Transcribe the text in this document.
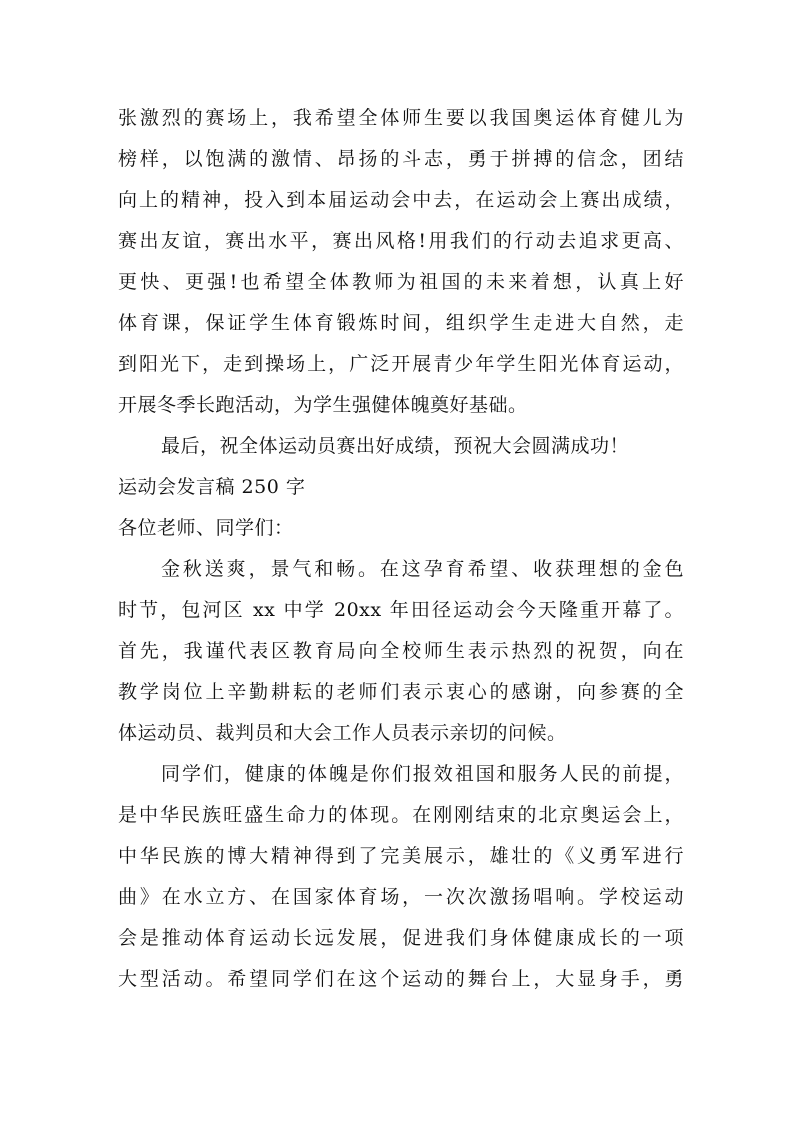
张激烈的赛场上，我希望全体师生要以我国奥运体育健儿为
榜样，以饱满的激情、昂扬的斗志，勇于拼搏的信念，团结
向上的精神，投入到本届运动会中去，在运动会上赛出成绩，
赛出友谊，赛出水平，赛出风格!用我们的行动去追求更高、
更快、更强!也希望全体教师为祖国的未来着想，认真上好
体育课，保证学生体育锻炼时间，组织学生走进大自然，走
到阳光下，走到操场上，广泛开展青少年学生阳光体育运动，
开展冬季长跑活动，为学生强健体魄奠好基础。
最后，祝全体运动员赛出好成绩，预祝大会圆满成功！
运动会发言稿 250 字
各位老师、同学们：
金秋送爽，景气和畅。在这孕育希望、收获理想的金色
时节，包河区 xx 中学 20xx 年田径运动会今天隆重开幕了。
首先，我谨代表区教育局向全校师生表示热烈的祝贺，向在
教学岗位上辛勤耕耘的老师们表示衷心的感谢，向参赛的全
体运动员、裁判员和大会工作人员表示亲切的问候。
同学们，健康的体魄是你们报效祖国和服务人民的前提，
是中华民族旺盛生命力的体现。在刚刚结束的北京奥运会上，
中华民族的博大精神得到了完美展示，雄壮的《义勇军进行
曲》在水立方、在国家体育场，一次次激扬唱响。学校运动
会是推动体育运动长远发展，促进我们身体健康成长的一项
大型活动。希望同学们在这个运动的舞台上，大显身手，勇
